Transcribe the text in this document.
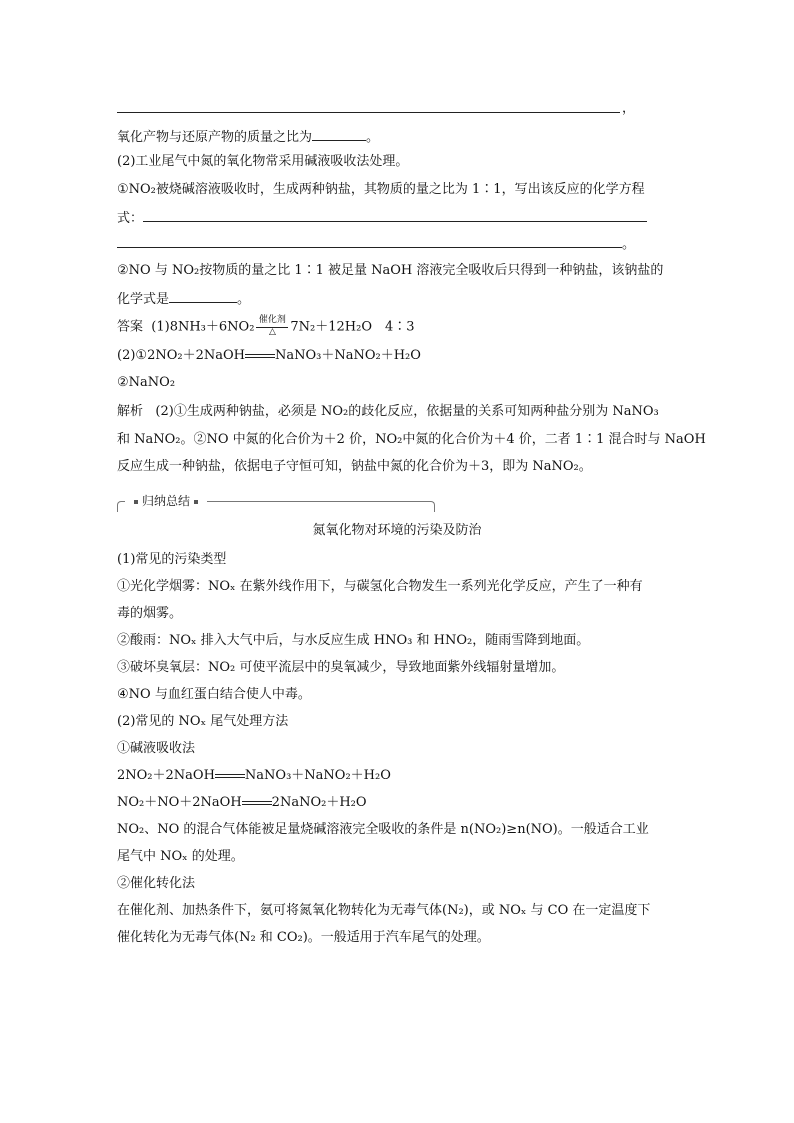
，
氧化产物与还原产物的质量之比为	。
(2)工业尾气中氮的氧化物常采用碱液吸收法处理。
①NO₂被烧碱溶液吸收时，生成两种钠盐，其物质的量之比为 1∶1，写出该反应的化学方程
式：
。
②NO 与 NO₂按物质的量之比 1∶1 被足量 NaOH 溶液完全吸收后只得到一种钠盐，该钠盐的
化学式是	。
答案 (1)8NH₃＋6NO₂ 催化剂
△	7N₂＋12H₂O　4∶3
(2)①2NO₂＋2NaOH NaNO₃＋NaNO₂＋H₂O
②NaNO₂
解析 (2)①生成两种钠盐，必须是 NO₂的歧化反应，依据量的关系可知两种盐分别为 NaNO₃
和 NaNO₂。②NO 中氮的化合价为＋2 价，NO₂中氮的化合价为＋4 价，二者 1∶1 混合时与 NaOH
反应生成一种钠盐，依据电子守恒可知，钠盐中氮的化合价为＋3，即为 NaNO₂。
归纳总结
氮氧化物对环境的污染及防治
(1)常见的污染类型
①光化学烟雾：NOₓ 在紫外线作用下，与碳氢化合物发生一系列光化学反应，产生了一种有
毒的烟雾。
②酸雨：NOₓ 排入大气中后，与水反应生成 HNO₃ 和 HNO₂，随雨雪降到地面。
③破坏臭氧层：NO₂ 可使平流层中的臭氧减少，导致地面紫外线辐射量增加。
④NO 与血红蛋白结合使人中毒。
(2)常见的 NOₓ 尾气处理方法
①碱液吸收法
2NO₂＋2NaOH NaNO₃＋NaNO₂＋H₂O
NO₂＋NO＋2NaOH 2NaNO₂＋H₂O
NO₂、NO 的混合气体能被足量烧碱溶液完全吸收的条件是 n(NO₂)≥n(NO)。一般适合工业
尾气中 NOₓ 的处理。
②催化转化法
在催化剂、加热条件下，氨可将氮氧化物转化为无毒气体(N₂)，或 NOₓ 与 CO 在一定温度下
催化转化为无毒气体(N₂ 和 CO₂)。一般适用于汽车尾气的处理。
